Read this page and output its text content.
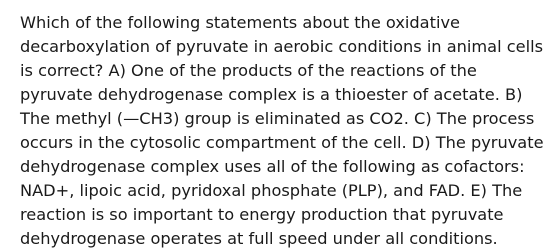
Which of the following statements about the oxidative
decarboxylation of pyruvate in aerobic conditions in animal cells
is correct? A) One of the products of the reactions of the
pyruvate dehydrogenase complex is a thioester of acetate. B)
The methyl (—CH3) group is eliminated as CO2. C) The process
occurs in the cytosolic compartment of the cell. D) The pyruvate
dehydrogenase complex uses all of the following as cofactors:
NAD+, lipoic acid, pyridoxal phosphate (PLP), and FAD. E) The
reaction is so important to energy production that pyruvate
dehydrogenase operates at full speed under all conditions.
